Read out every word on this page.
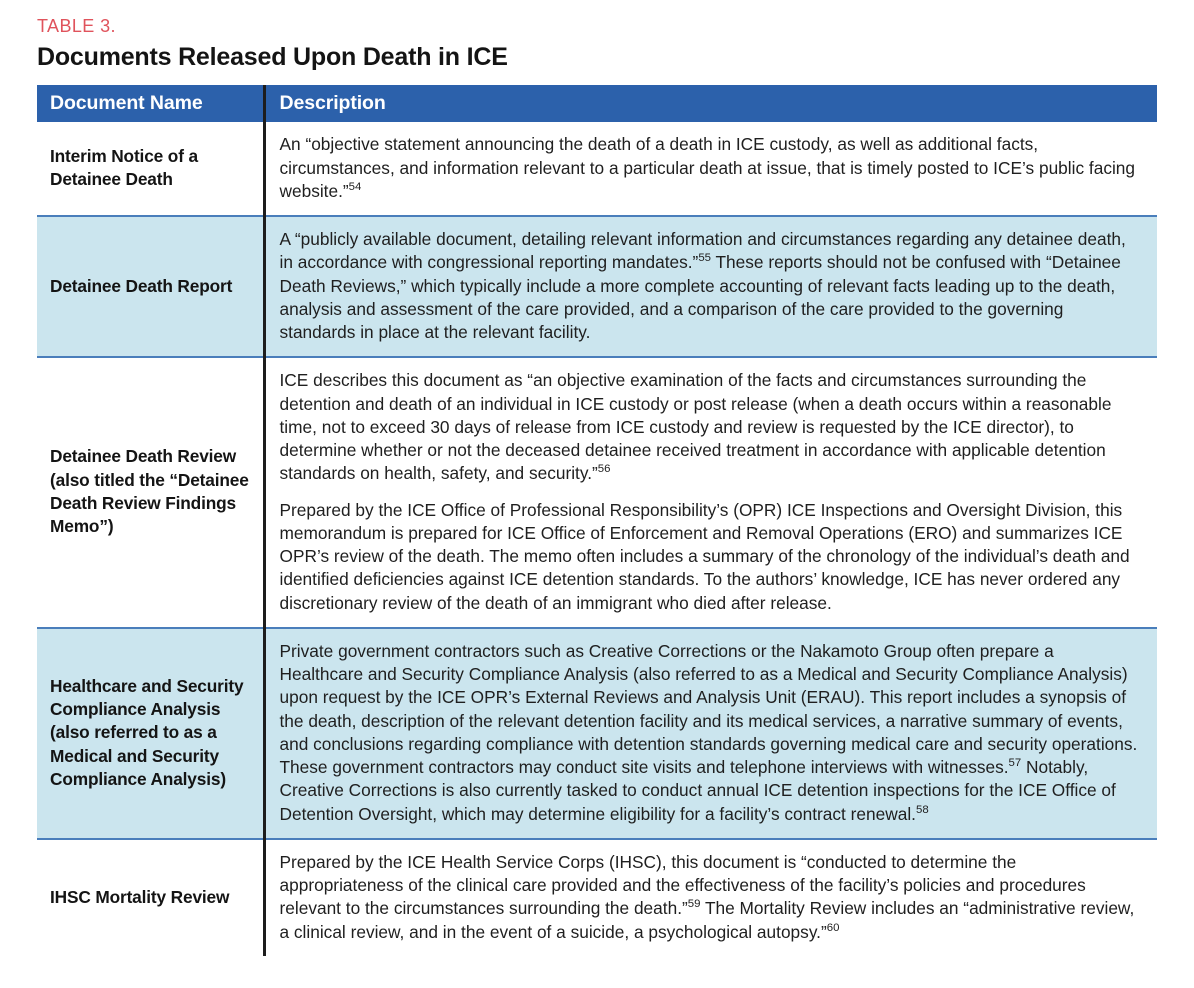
TABLE 3.
Documents Released Upon Death in ICE
Document Name	Description
Interim Notice of a Detainee Death	An “objective statement announcing the death of a death in ICE custody, as well as additional facts, circumstances, and information relevant to a particular death at issue, that is timely posted to ICE’s public facing website.”$^{54}$

Detainee Death Report	A “publicly available document, detailing relevant information and circumstances regarding any detainee death, in accordance with congressional reporting mandates.”$^{55}$ These reports should not be confused with “Detainee Death Reviews,” which typically include a more complete accounting of relevant facts leading up to the death, analysis and assessment of the care provided, and a comparison of the care provided to the governing standards in place at the relevant facility.

Detainee Death Review (also titled the “Detainee Death Review Findings Memo”)	ICE describes this document as “an objective examination of the facts and circumstances surrounding the detention and death of an individual in ICE custody or post release (when a death occurs within a reasonable time, not to exceed 30 days of release from ICE custody and review is requested by the ICE director), to determine whether or not the deceased detainee received treatment in accordance with applicable detention standards on health, safety, and security.”$^{56}$

Prepared by the ICE Office of Professional Responsibility’s (OPR) ICE Inspections and Oversight Division, this memorandum is prepared for ICE Office of Enforcement and Removal Operations (ERO) and summarizes ICE OPR’s review of the death. The memo often includes a summary of the chronology of the individual’s death and identified deficiencies against ICE detention standards. To the authors’ knowledge, ICE has never ordered any discretionary review of the death of an immigrant who died after release.

Healthcare and Security Compliance Analysis (also referred to as a Medical and Security Compliance Analysis)	Private government contractors such as Creative Corrections or the Nakamoto Group often prepare a Healthcare and Security Compliance Analysis (also referred to as a Medical and Security Compliance Analysis) upon request by the ICE OPR’s External Reviews and Analysis Unit (ERAU). This report includes a synopsis of the death, description of the relevant detention facility and its medical services, a narrative summary of events, and conclusions regarding compliance with detention standards governing medical care and security operations. These government contractors may conduct site visits and telephone interviews with witnesses.$^{57}$ Notably, Creative Corrections is also currently tasked to conduct annual ICE detention inspections for the ICE Office of Detention Oversight, which may determine eligibility for a facility’s contract renewal.$^{58}$

IHSC Mortality Review	Prepared by the ICE Health Service Corps (IHSC), this document is “conducted to determine the appropriateness of the clinical care provided and the effectiveness of the facility’s policies and procedures relevant to the circumstances surrounding the death.”$^{59}$ The Mortality Review includes an “administrative review, a clinical review, and in the event of a suicide, a psychological autopsy.”$^{60}$
